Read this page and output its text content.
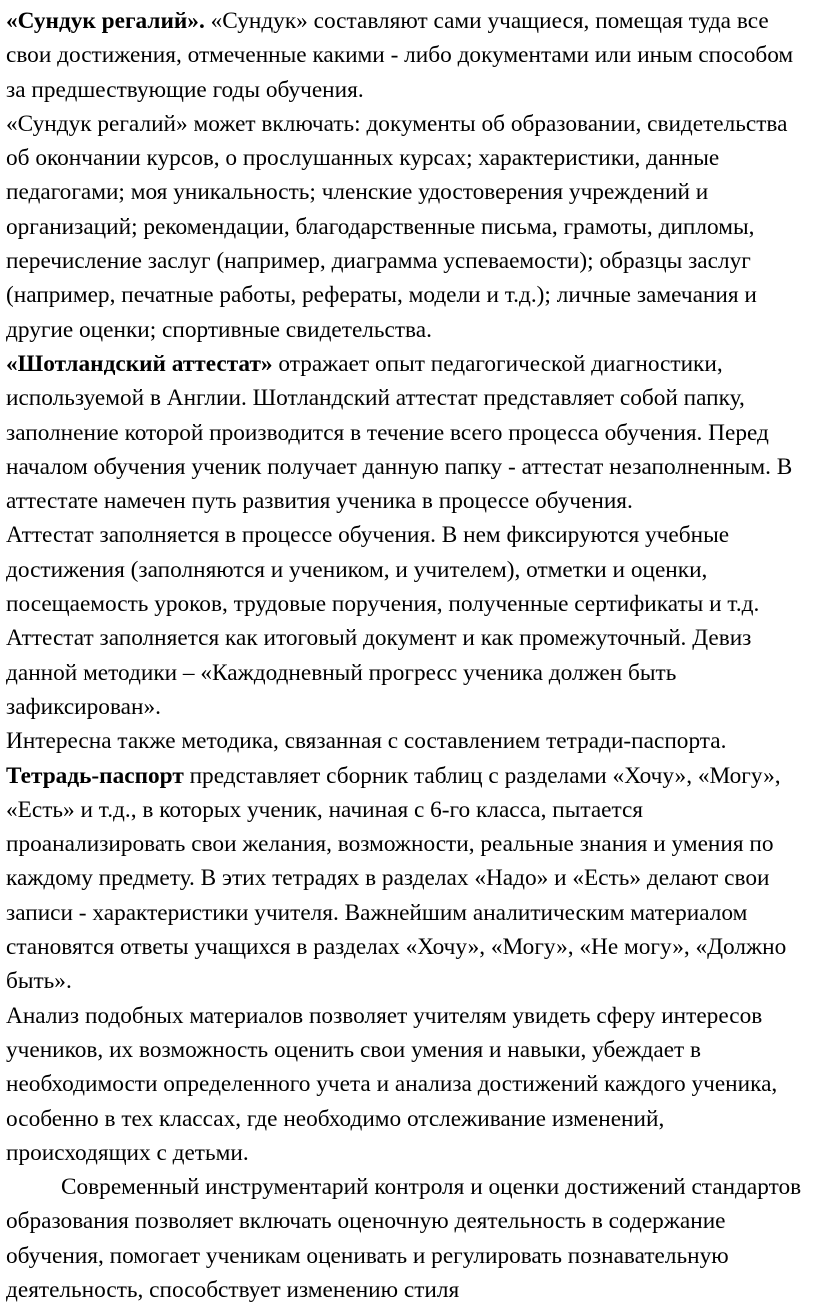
«Сундук регалий». «Сундук» составляют сами учащиеся, помещая туда все свои достижения, отмеченные какими - либо документами или иным способом за предшествующие годы обучения.

«Сундук регалий» может включать: документы об образовании, свидетельства об окончании курсов, о прослушанных курсах; характеристики, данные педагогами; моя уникальность; членские удостоверения учреждений и организаций; рекомендации, благодарственные письма, грамоты, дипломы, перечисление заслуг (например, диаграмма успеваемости); образцы заслуг (например, печатные работы, рефераты, модели и т.д.); личные замечания и другие оценки; спортивные свидетельства.

«Шотландский аттестат» отражает опыт педагогической диагностики, используемой в Англии. Шотландский аттестат представляет собой папку, заполнение которой производится в течение всего процесса обучения. Перед началом обучения ученик получает данную папку - аттестат незаполненным. В аттестате намечен путь развития ученика в процессе обучения.

Аттестат заполняется в процессе обучения. В нем фиксируются учебные достижения (заполняются и учеником, и учителем), отметки и оценки, посещаемость уроков, трудовые поручения, полученные сертификаты и т.д. Аттестат заполняется как итоговый документ и как промежуточный. Девиз данной методики – «Каждодневный прогресс ученика должен быть зафиксирован».

Интересна также методика, связанная с составлением тетради-паспорта.

Тетрадь-паспорт представляет сборник таблиц с разделами «Хочу», «Могу», «Есть» и т.д., в которых ученик, начиная с 6-го класса, пытается проанализировать свои желания, возможности, реальные знания и умения по каждому предмету. В этих тетрадях в разделах «Надо» и «Есть» делают свои записи - характеристики учителя. Важнейшим аналитическим материалом становятся ответы учащихся в разделах «Хочу», «Могу», «Не могу», «Должно быть».

Анализ подобных материалов позволяет учителям увидеть сферу интересов учеников, их возможность оценить свои умения и навыки, убеждает в необходимости определенного учета и анализа достижений каждого ученика, особенно в тех классах, где необходимо отслеживание изменений, происходящих с детьми.

Современный инструментарий контроля и оценки достижений стандартов образования позволяет включать оценочную деятельность в содержание обучения, помогает ученикам оценивать и регулировать познавательную деятельность, способствует изменению стиля
